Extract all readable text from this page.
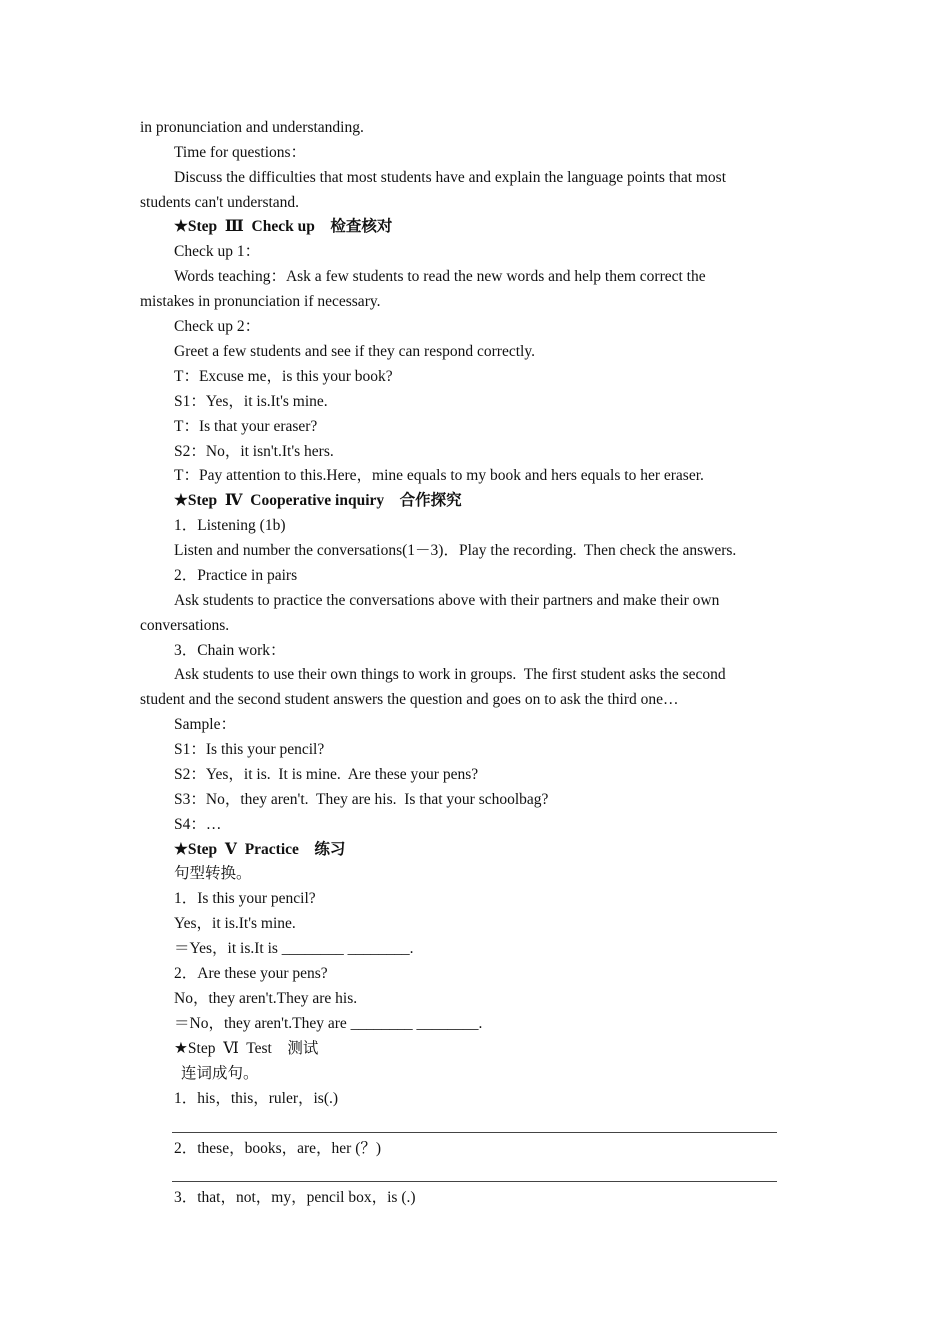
in pronunciation and understanding.
Time for questions：
Discuss the difficulties that most students have and explain the language points that most
students can't understand.
★Step  Ⅲ  Check up    检查核对
Check up 1：
Words teaching：Ask a few students to read the new words and help them correct the
mistakes in pronunciation if necessary.
Check up 2：
Greet a few students and see if they can respond correctly.
T：Excuse me，is this your book?
S1：Yes，it is.It's mine.
T：Is that your eraser?
S2：No，it isn't.It's hers.
T：Pay attention to this.Here，mine equals to my book and hers equals to her eraser.
★Step  Ⅳ  Cooperative inquiry    合作探究
1．Listening (1b)
Listen and number the conversations(1－3)．Play the recording.  Then check the answers.
2．Practice in pairs
Ask students to practice the conversations above with their partners and make their own
conversations.
3．Chain work：
Ask students to use their own things to work in groups.  The first student asks the second
student and the second student answers the question and goes on to ask the third one…
Sample：
S1：Is this your pencil?
S2：Yes，it is.  It is mine.  Are these your pens?
S3：No，they aren't.  They are his.  Is that your schoolbag?
S4：…
★Step  Ⅴ  Practice    练习
句型转换。
1．Is this your pencil?
Yes，it is.It's mine.
＝Yes，it is.It is ________ ________.
2．Are these your pens?
No，they aren't.They are his.
＝No，they aren't.They are ________ ________.
★Step  Ⅵ  Test    测试
连词成句。
1．his，this，ruler，is(.)
2．these，books，are，her (？)
3．that，not，my，pencil box，is (.)
